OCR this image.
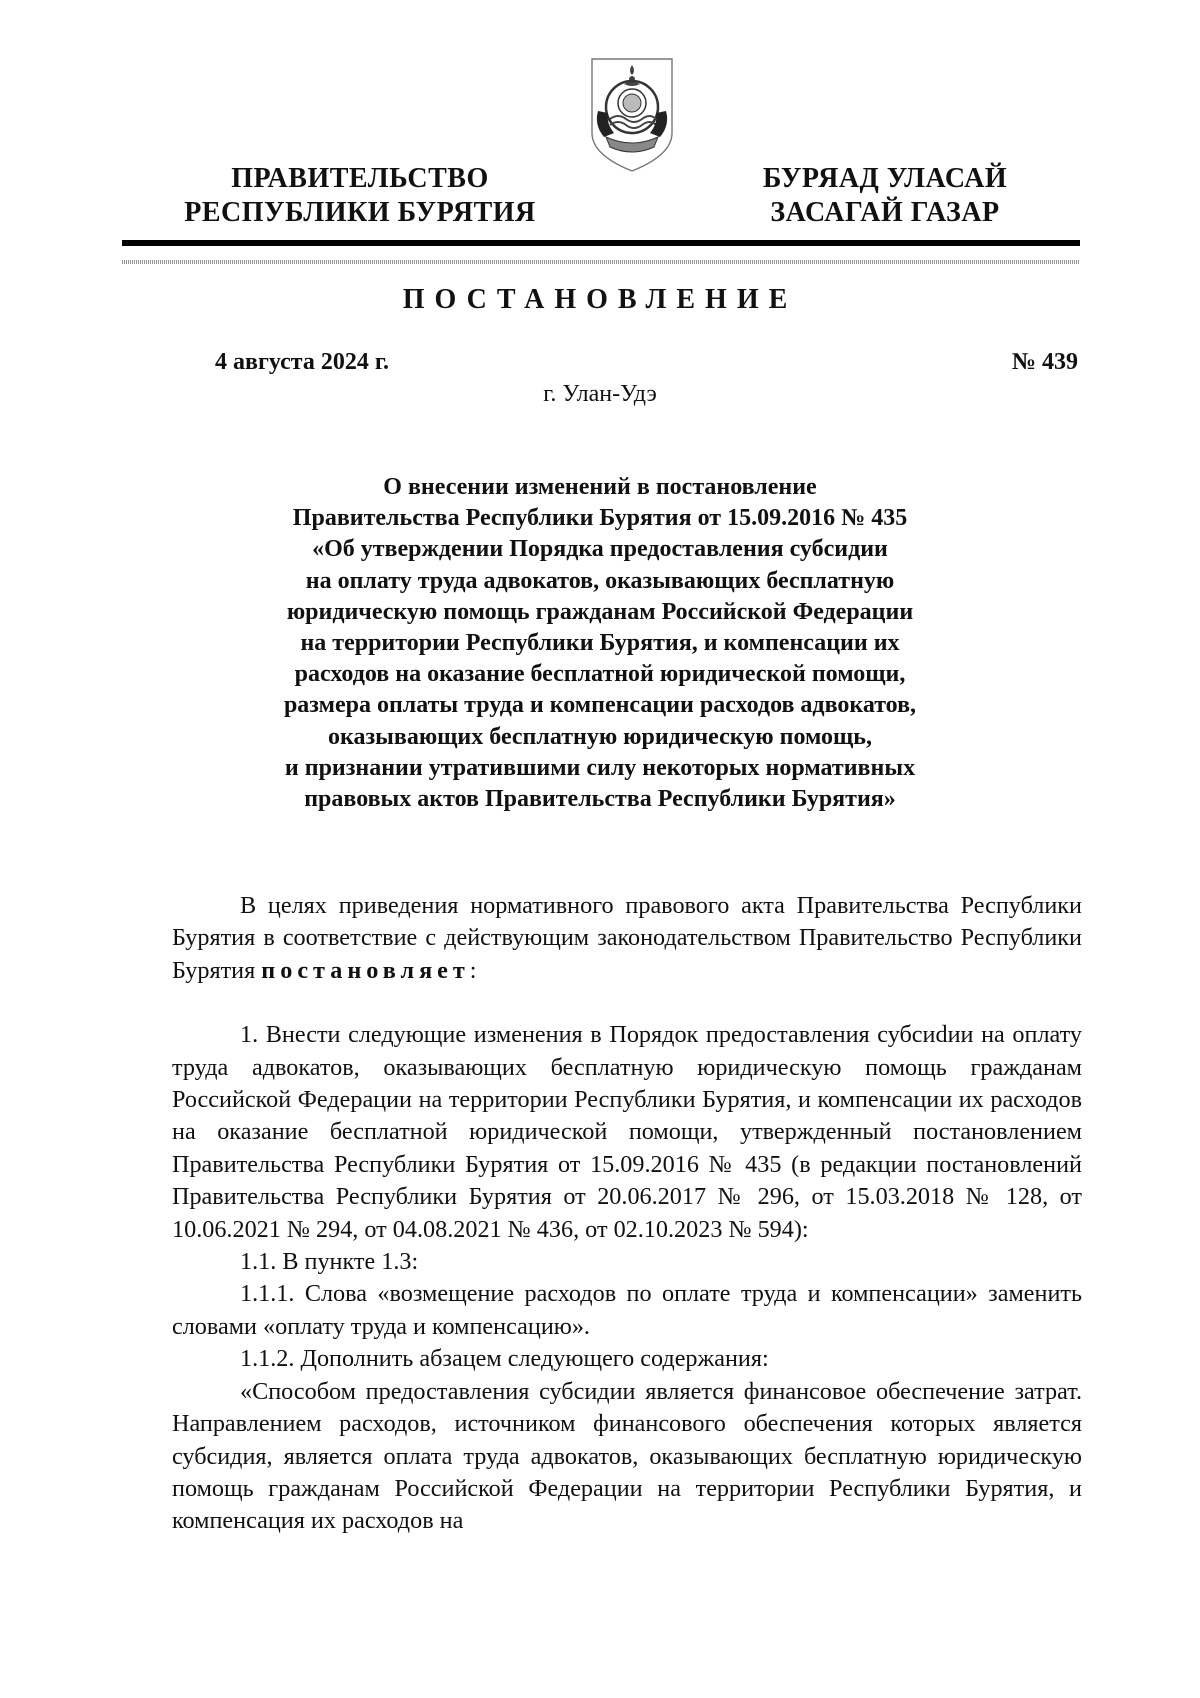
ПРАВИТЕЛЬСТВО
РЕСПУБЛИКИ БУРЯТИЯ
БУРЯАД УЛАСАЙ
ЗАСАГАЙ ГАЗАР
ПОСТАНОВЛЕНИЕ
4 августа 2024 г.	№ 439
г. Улан-Удэ
О внесении изменений в постановление
Правительства Республики Бурятия от 15.09.2016 № 435
«Об утверждении Порядка предоставления субсидии
на оплату труда адвокатов, оказывающих бесплатную
юридическую помощь гражданам Российской Федерации
на территории Республики Бурятия, и компенсации их
расходов на оказание бесплатной юридической помощи,
размера оплаты труда и компенсации расходов адвокатов,
оказывающих бесплатную юридическую помощь,
и признании утратившими силу некоторых нормативных
правовых актов Правительства Республики Бурятия»

В целях приведения нормативного правового акта Правительства Республики Бурятия в соответствие с действующим законодательством Правительство Республики Бурятия постановляет:

1. Внести следующие изменения в Порядок предоставления субсиdии на оплату труда адвокатов, оказывающих бесплатную юридическую помощь гражданам Российской Федерации на территории Республики Бурятия, и компенсации их расходов на оказание бесплатной юридической помощи, утвержденный постановлением Правительства Республики Бурятия от 15.09.2016 № 435 (в редакции постановлений Правительства Республики Бурятия от 20.06.2017 № 296, от 15.03.2018 № 128, от 10.06.2021 № 294, от 04.08.2021 № 436, от 02.10.2023 № 594):

1.1. В пункте 1.3:

1.1.1. Слова «возмещение расходов по оплате труда и компенсации» заменить словами «оплату труда и компенсацию».

1.1.2. Дополнить абзацем следующего содержания:

«Способом предоставления субсидии является финансовое обеспечение затрат. Направлением расходов, источником финансового обеспечения которых является субсидия, является оплата труда адвокатов, оказывающих бесплатную юридическую помощь гражданам Российской Федерации на территории Республики Бурятия, и компенсация их расходов на
